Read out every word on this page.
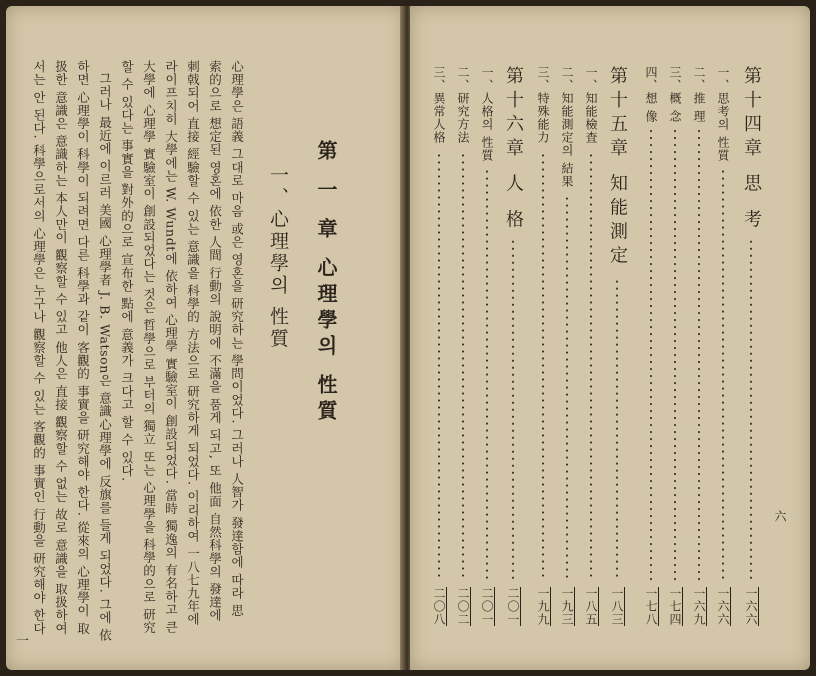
第 一 章 心理學의 性質
一、心理學의 性質
心理學은 語義 그대로 마음 或은 영혼을 研究하는 學問이었다. 그러나 人智가 發達함에 따라 思
索的으로 想定된 영혼에 依한 人間 行動의 說明에 不滿을 품게 되고, 또 他面 自然科學의 發達에
刺戟되어 直接 經驗할 수 있는 意識을 科學的 方法으로 研究하게 되었다. 이리하여 一八七九年에
라이프치히 大學에는 W. Wundt에 依하여 心理學 實驗室이 創設되었다. 當時 獨逸의 有名하고 큰
大學에 心理學 實驗室이 創設되었다는 것은 哲學으로 부터의 獨立 또는 心理學을 科學的으로 研究
할 수 있다는 事實을 對外的으로 宣布한 點에 意義가 크다고 할 수 있다.
그러나 最近에 이르러 美國 心理學者 J. B. Watson은 意識心理學에 反旗를 들게 되었다. 그에 依
하면 心理學이 科學이 되려면 다른 科學과 같이 客觀的 事實을 研究해야 한다. 從來의 心理學이 取
扱한 意識은 意識하는 本人만이 觀察할 수 있고 他人은 直接 觀察할 수 없는 故로 意識을 取扱하여
서는 안 된다. 科學으로서의 心理學은 누구나 觀察할 수 있는 客觀的 事實인 行動을 研究해야 한다
一
第十四章 思 考
一六六
一、思考의 性質
一六六
二、推 理
一六九
三、概 念
一七四
四、想 像
一七八
第十五章 知能測定
一八三
一、知能檢査
一八五
二、知能測定의 結果
一九三
三、特殊能力
一九九
第十六章 人 格
二〇一
一、人格의 性質
二〇一
二、研究方法
二〇二
三、異常人格
二〇八
六
